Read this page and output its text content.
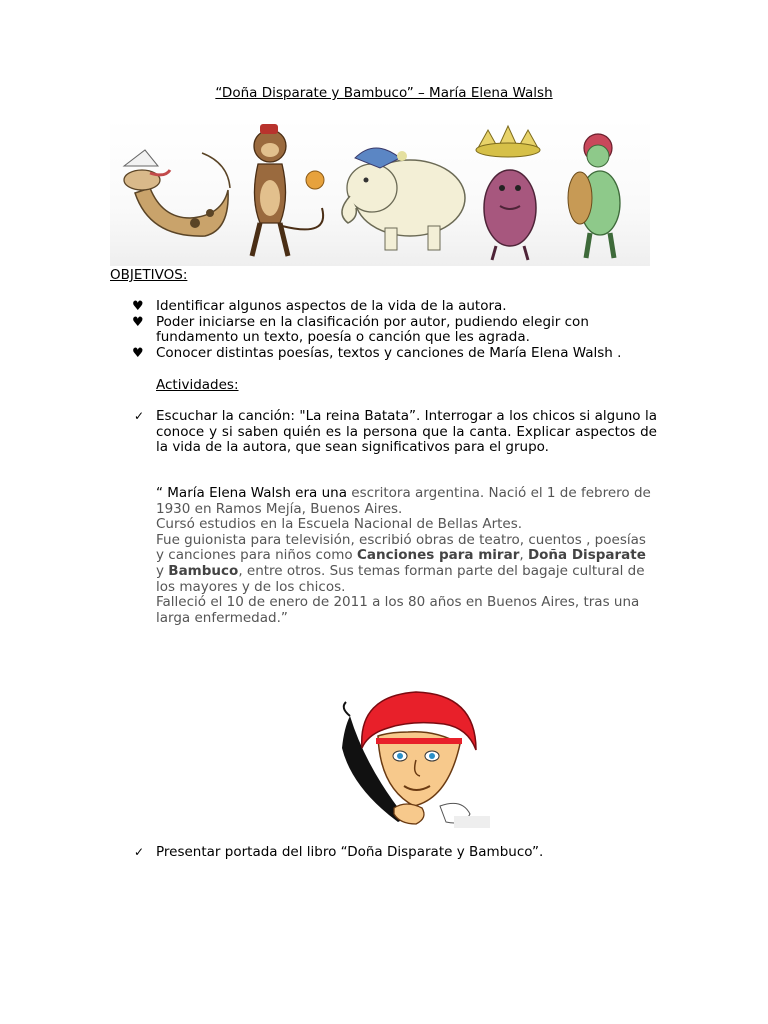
“Doña Disparate y Bambuco” – María Elena Walsh
OBJETIVOS:
♥ Identificar algunos aspectos de la vida de la autora.
♥ Poder iniciarse en la clasificación por autor, pudiendo elegir con
fundamento un texto, poesía o canción que les agrada.
♥ Conocer distintas poesías, textos y canciones de María Elena Walsh .
Actividades:
✓ Escuchar la canción: "La reina Batata”. Interrogar a los chicos si alguno la conoce y si saben quién es la persona que la canta. Explicar aspectos de la vida de la autora, que sean significativos para el grupo.
“ María Elena Walsh era una escritora argentina. Nació el 1 de febrero de 1930 en Ramos Mejía, Buenos Aires.
Cursó estudios en la Escuela Nacional de Bellas Artes.
Fue guionista para televisión, escribió obras de teatro, cuentos , poesías y canciones para niños como Canciones para mirar, Doña Disparate y Bambuco, entre otros. Sus temas forman parte del bagaje cultural de los mayores y de los chicos.
Falleció el 10 de enero de 2011 a los 80 años en Buenos Aires, tras una larga enfermedad.”
✓ Presentar portada del libro “Doña Disparate y Bambuco”.
